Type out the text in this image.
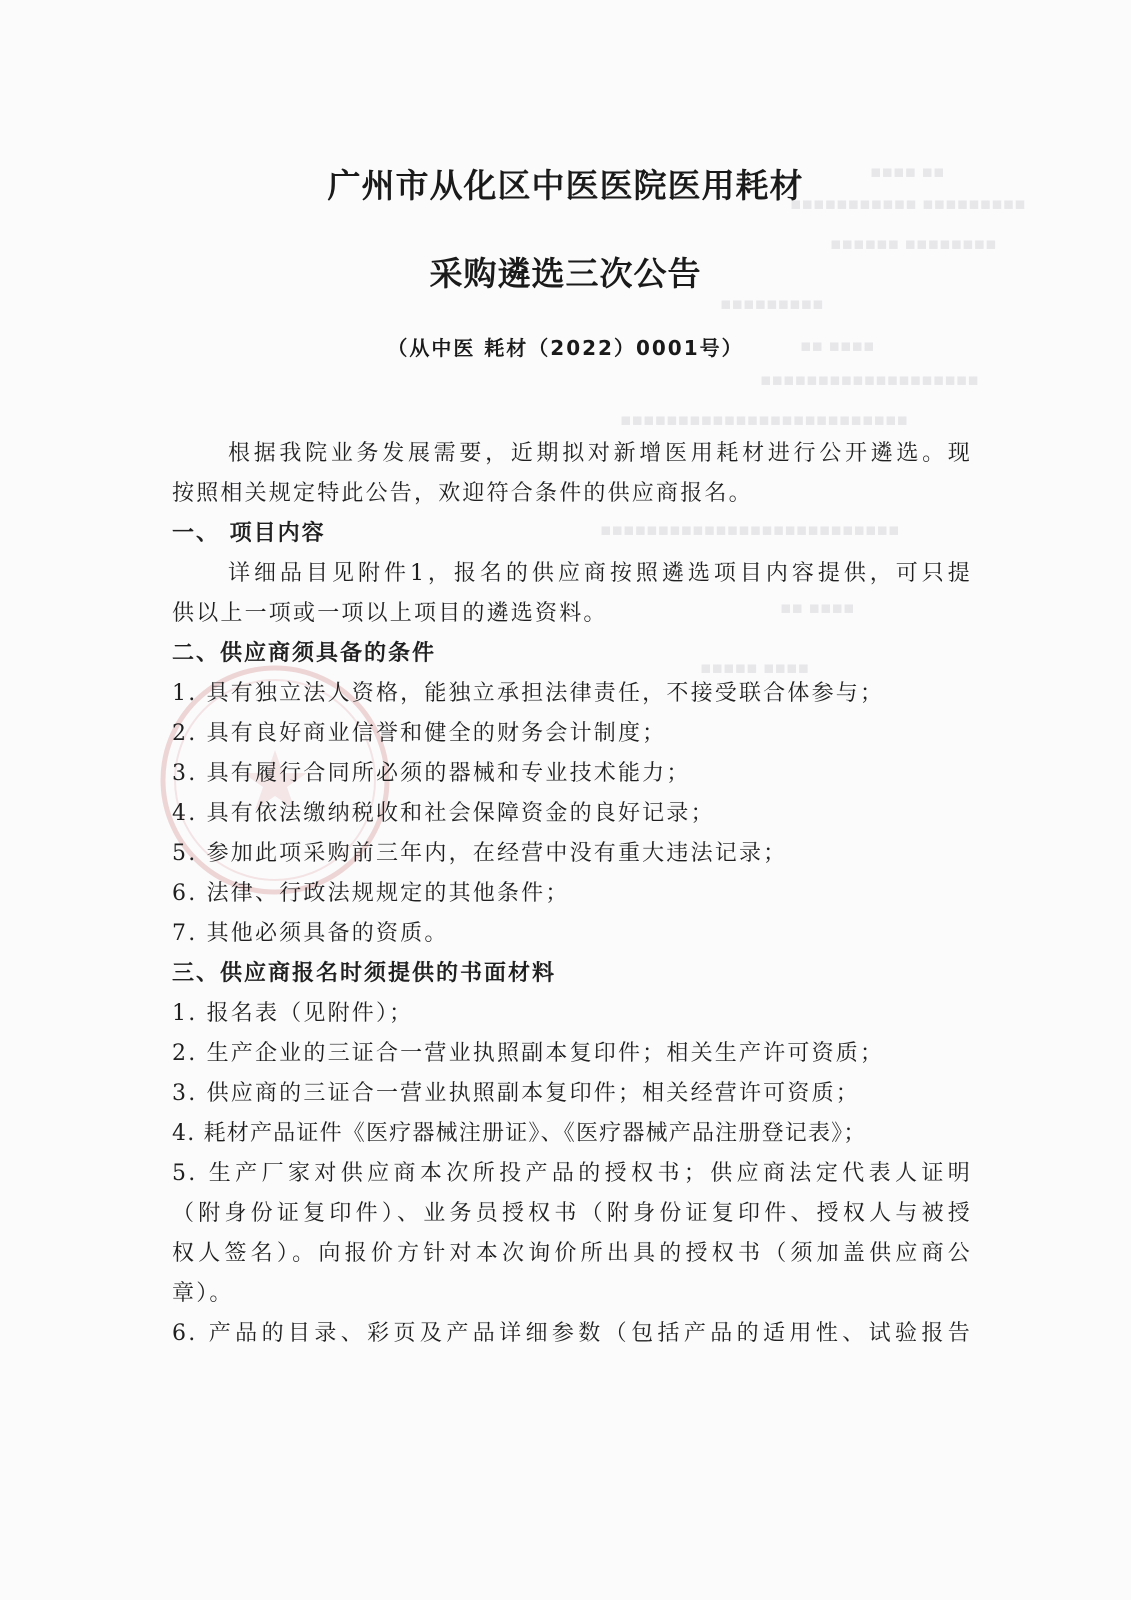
▪▪▪▪ ▪▪
▪▪▪▪▪▪▪▪▪▪▪ ▪▪▪▪▪▪▪▪▪
▪▪▪▪▪▪ ▪▪▪▪▪▪▪▪
▪▪▪▪▪▪▪▪▪
▪▪ ▪▪▪▪
▪▪▪▪▪▪▪▪▪▪▪▪▪▪▪▪▪▪▪
▪▪▪▪▪▪▪▪▪▪▪▪▪▪▪▪▪▪▪▪▪▪▪▪▪
▪▪▪▪▪▪▪▪▪▪▪▪▪▪▪▪▪▪▪▪▪▪▪▪▪▪
▪▪ ▪▪▪▪
▪▪▪▪▪ ▪▪▪▪
广州市从化区中医医院医用耗材
采购遴选三次公告
（从中医 耗材（2022）0001号）
根据我院业务发展需要，近期拟对新增医用耗材进行公开遴选。现
按照相关规定特此公告，欢迎符合条件的供应商报名。
一、 项目内容
详细品目见附件1，报名的供应商按照遴选项目内容提供，可只提
供以上一项或一项以上项目的遴选资料。
二、供应商须具备的条件
1. 具有独立法人资格，能独立承担法律责任，不接受联合体参与；
2. 具有良好商业信誉和健全的财务会计制度；
3. 具有履行合同所必须的器械和专业技术能力；
4. 具有依法缴纳税收和社会保障资金的良好记录；
5. 参加此项采购前三年内，在经营中没有重大违法记录；
6. 法律、行政法规规定的其他条件；
7. 其他必须具备的资质。
三、供应商报名时须提供的书面材料
1. 报名表（见附件）；
2. 生产企业的三证合一营业执照副本复印件；相关生产许可资质；
3. 供应商的三证合一营业执照副本复印件；相关经营许可资质；
4. 耗材产品证件《医疗器械注册证》、《医疗器械产品注册登记表》；
5. 生产厂家对供应商本次所投产品的授权书；供应商法定代表人证明
（附身份证复印件）、业务员授权书（附身份证复印件、授权人与被授
权人签名）。向报价方针对本次询价所出具的授权书（须加盖供应商公
章）。
6. 产品的目录、彩页及产品详细参数（包括产品的适用性、试验报告
